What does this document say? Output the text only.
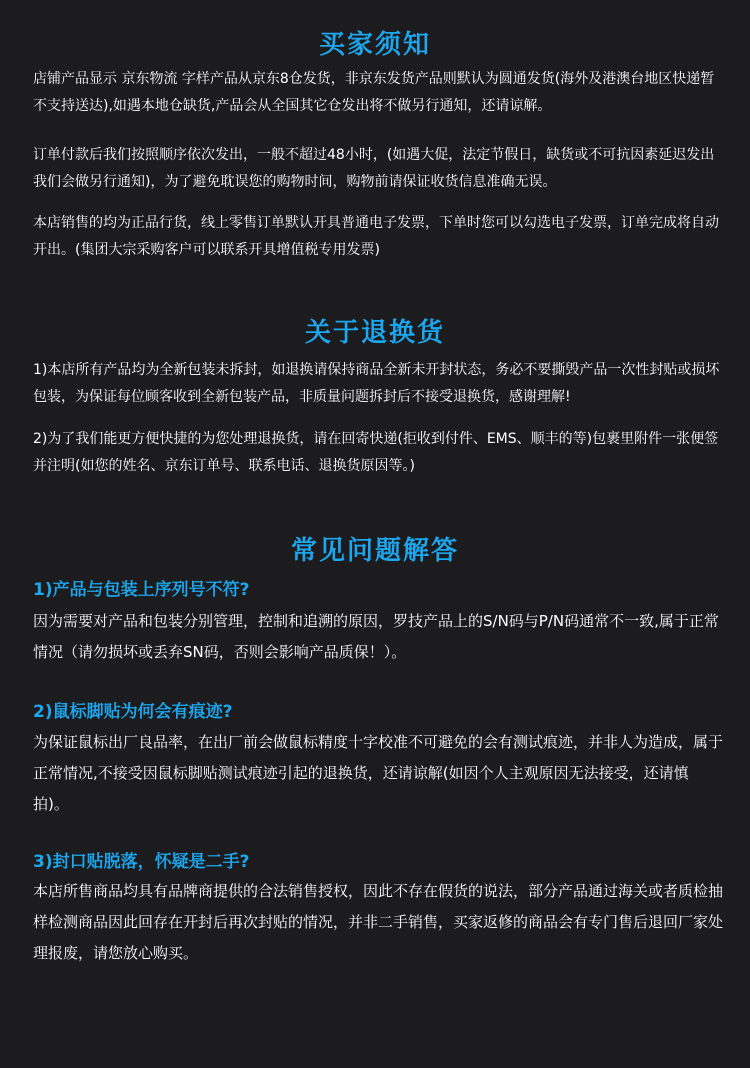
买家须知
店铺产品显示 京东物流 字样产品从京东8仓发货，非京东发货产品则默认为圆通发货(海外及港澳台地区快递暂不支持送达),如遇本地仓缺货,产品会从全国其它仓发出将不做另行通知，还请谅解。
订单付款后我们按照顺序依次发出，一般不超过48小时，(如遇大促，法定节假日，缺货或不可抗因素延迟发出我们会做另行通知)，为了避免耽误您的购物时间，购物前请保证收货信息准确无误。
本店销售的均为正品行货，线上零售订单默认开具普通电子发票，下单时您可以勾选电子发票，订单完成将自动开出。(集团大宗采购客户可以联系开具增值税专用发票)
关于退换货
1)本店所有产品均为全新包装未拆封，如退换请保持商品全新未开封状态，务必不要撕毁产品一次性封贴或损坏包装，为保证每位顾客收到全新包装产品，非质量问题拆封后不接受退换货，感谢理解!
2)为了我们能更方便快捷的为您处理退换货，请在回寄快递(拒收到付件、EMS、顺丰的等)包裹里附件一张便签并注明(如您的姓名、京东订单号、联系电话、退换货原因等。)
常见问题解答
1)产品与包装上序列号不符?
因为需要对产品和包装分别管理，控制和追溯的原因，罗技产品上的S/N码与P/N码通常不一致,属于正常情况（请勿损坏或丢弃SN码，否则会影响产品质保！）。
2)鼠标脚贴为何会有痕迹?
为保证鼠标出厂良品率，在出厂前会做鼠标精度十字校准不可避免的会有测试痕迹，并非人为造成，属于正常情况,不接受因鼠标脚贴测试痕迹引起的退换货，还请谅解(如因个人主观原因无法接受，还请慎拍)。
3)封口贴脱落，怀疑是二手?
本店所售商品均具有品牌商提供的合法销售授权，因此不存在假货的说法，部分产品通过海关或者质检抽样检测商品因此回存在开封后再次封贴的情况，并非二手销售，买家返修的商品会有专门售后退回厂家处理报废，请您放心购买。
